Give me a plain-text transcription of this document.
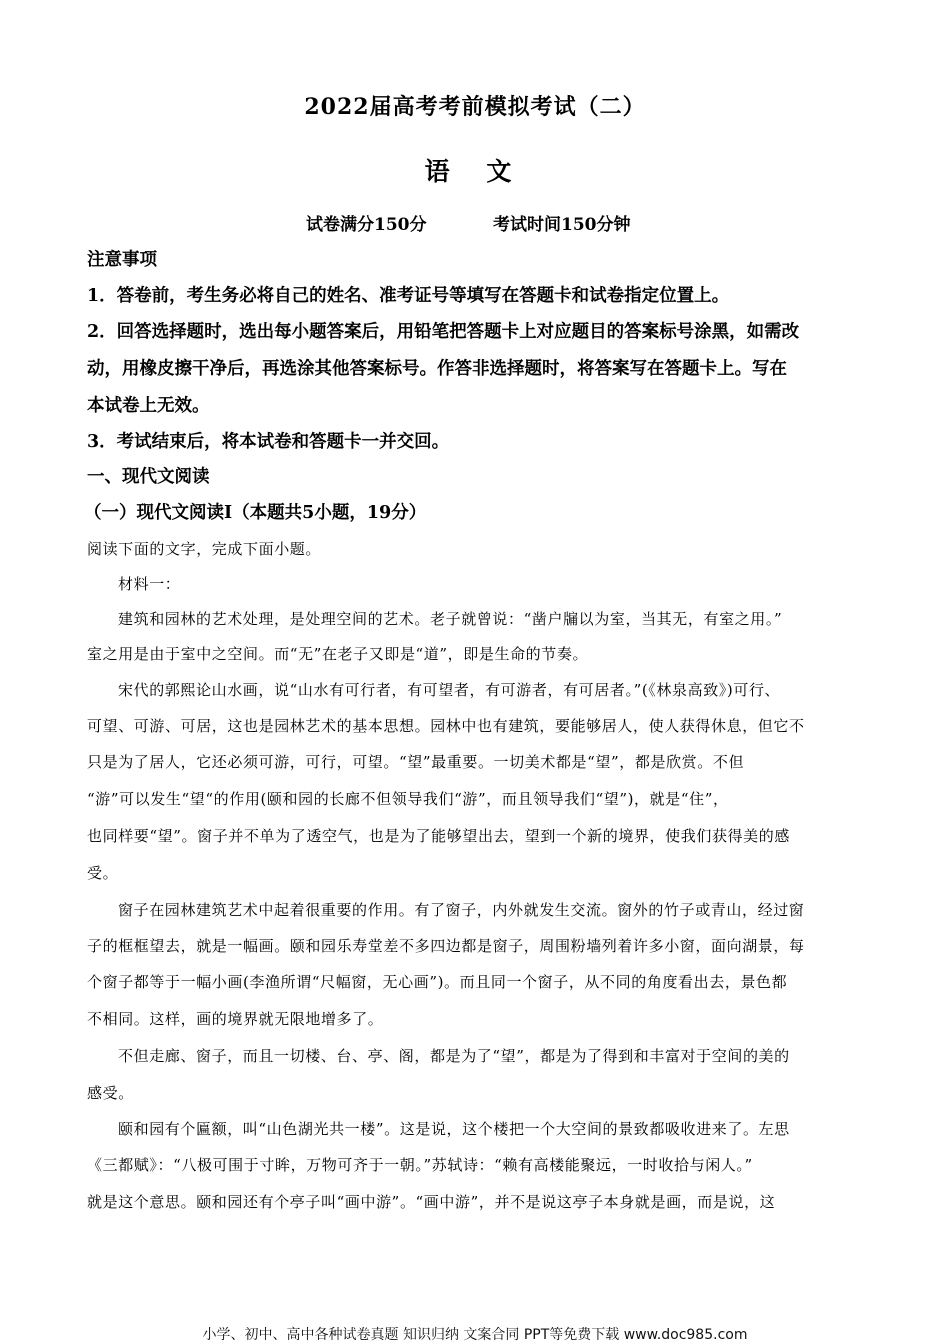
2022届高考考前模拟考试（二）
语 文
试卷满分150分	考试时间150分钟
注意事项
1．答卷前，考生务必将自己的姓名、准考证号等填写在答题卡和试卷指定位置上。
2．回答选择题时，选出每小题答案后，用铅笔把答题卡上对应题目的答案标号涂黑，如需改
动，用橡皮擦干净后，再选涂其他答案标号。作答非选择题时，将答案写在答题卡上。写在
本试卷上无效。
3．考试结束后，将本试卷和答题卡一并交回。
一、现代文阅读
（一）现代文阅读Ⅰ（本题共5小题，19分）
阅读下面的文字，完成下面小题。
材料一：
建筑和园林的艺术处理，是处理空间的艺术。老子就曾说：“凿户牖以为室，当其无，有室之用。”
室之用是由于室中之空间。而“无”在老子又即是“道”，即是生命的节奏。
宋代的郭熙论山水画，说“山水有可行者，有可望者，有可游者，有可居者。”(《林泉高致》)可行、
可望、可游、可居，这也是园林艺术的基本思想。园林中也有建筑，要能够居人，使人获得休息，但它不
只是为了居人，它还必须可游，可行，可望。“望”最重要。一切美术都是“望”，都是欣赏。不但
“游”可以发生“望“的作用(颐和园的长廊不但领导我们“游”，而且领导我们“望”)，就是“住”，
也同样要“望”。窗子并不单为了透空气，也是为了能够望出去，望到一个新的境界，使我们获得美的感
受。
窗子在园林建筑艺术中起着很重要的作用。有了窗子，内外就发生交流。窗外的竹子或青山，经过窗
子的框框望去，就是一幅画。颐和园乐寿堂差不多四边都是窗子，周围粉墙列着许多小窗，面向湖景，每
个窗子都等于一幅小画(李渔所谓“尺幅窗，无心画”)。而且同一个窗子，从不同的角度看出去，景色都
不相同。这样，画的境界就无限地增多了。
不但走廊、窗子，而且一切楼、台、亭、阁，都是为了“望”，都是为了得到和丰富对于空间的美的
感受。
颐和园有个匾额，叫“山色湖光共一楼”。这是说，这个楼把一个大空间的景致都吸收进来了。左思
《三都赋》：“八极可围于寸眸，万物可齐于一朝。”苏轼诗：“赖有高楼能聚远，一时收拾与闲人。”
就是这个意思。颐和园还有个亭子叫“画中游”。“画中游”，并不是说这亭子本身就是画，而是说，这
小学、初中、高中各种试卷真题 知识归纳 文案合同 PPT等免费下载 www.doc985.com
